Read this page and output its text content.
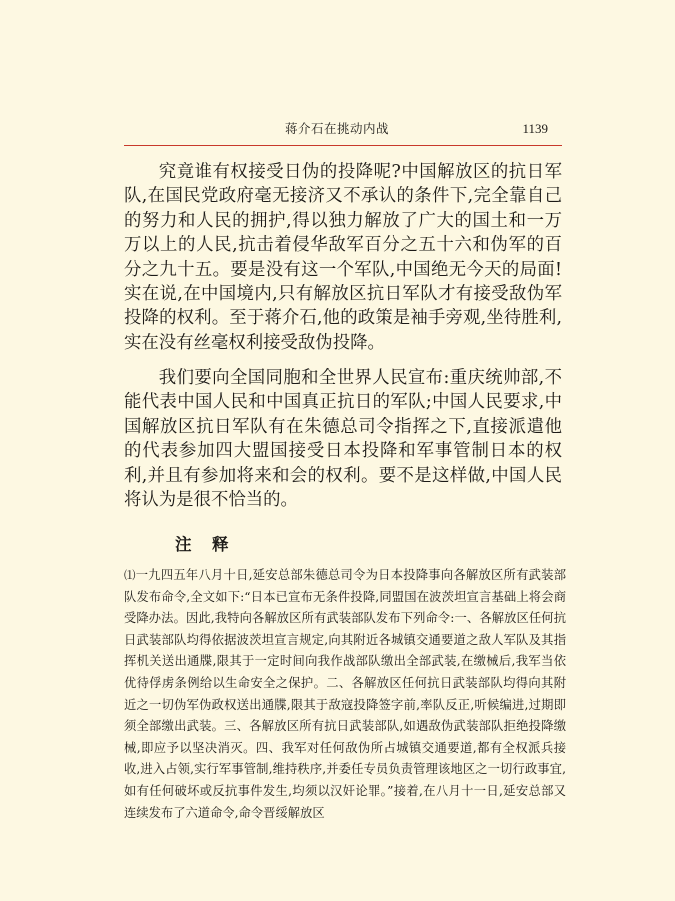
蒋介石在挑动内战	1139

究竟谁有权接受日伪的投降呢?中国解放区的抗日军队,在国民党政府毫无接济又不承认的条件下,完全靠自己的努力和人民的拥护,得以独力解放了广大的国土和一万万以上的人民,抗击着侵华敌军百分之五十六和伪军的百分之九十五。要是没有这一个军队,中国绝无今天的局面!实在说,在中国境内,只有解放区抗日军队才有接受敌伪军投降的权利。至于蒋介石,他的政策是袖手旁观,坐待胜利,实在没有丝毫权利接受敌伪投降。

我们要向全国同胞和全世界人民宣布:重庆统帅部,不能代表中国人民和中国真正抗日的军队;中国人民要求,中国解放区抗日军队有在朱德总司令指挥之下,直接派遣他的代表参加四大盟国接受日本投降和军事管制日本的权利,并且有参加将来和会的权利。要不是这样做,中国人民将认为是很不恰当的。

注　释

⑴一九四五年八月十日,延安总部朱德总司令为日本投降事向各解放区所有武装部队发布命令,全文如下:“日本已宣布无条件投降,同盟国在波茨坦宣言基础上将会商受降办法。因此,我特向各解放区所有武装部队发布下列命令:一、各解放区任何抗日武装部队均得依据波茨坦宣言规定,向其附近各城镇交通要道之敌人军队及其指挥机关送出通牒,限其于一定时间向我作战部队缴出全部武装,在缴械后,我军当依优待俘虏条例给以生命安全之保护。二、各解放区任何抗日武装部队均得向其附近之一切伪军伪政权送出通牒,限其于敌寇投降签字前,率队反正,听候编进,过期即须全部缴出武装。三、各解放区所有抗日武装部队,如遇敌伪武装部队拒绝投降缴械,即应予以坚决消灭。四、我军对任何敌伪所占城镇交通要道,都有全权派兵接收,进入占领,实行军事管制,维持秩序,并委任专员负责管理该地区之一切行政事宜,如有任何破坏或反抗事件发生,均须以汉奸论罪。”接着,在八月十一日,延安总部又连续发布了六道命令,命令晋绥解放区
